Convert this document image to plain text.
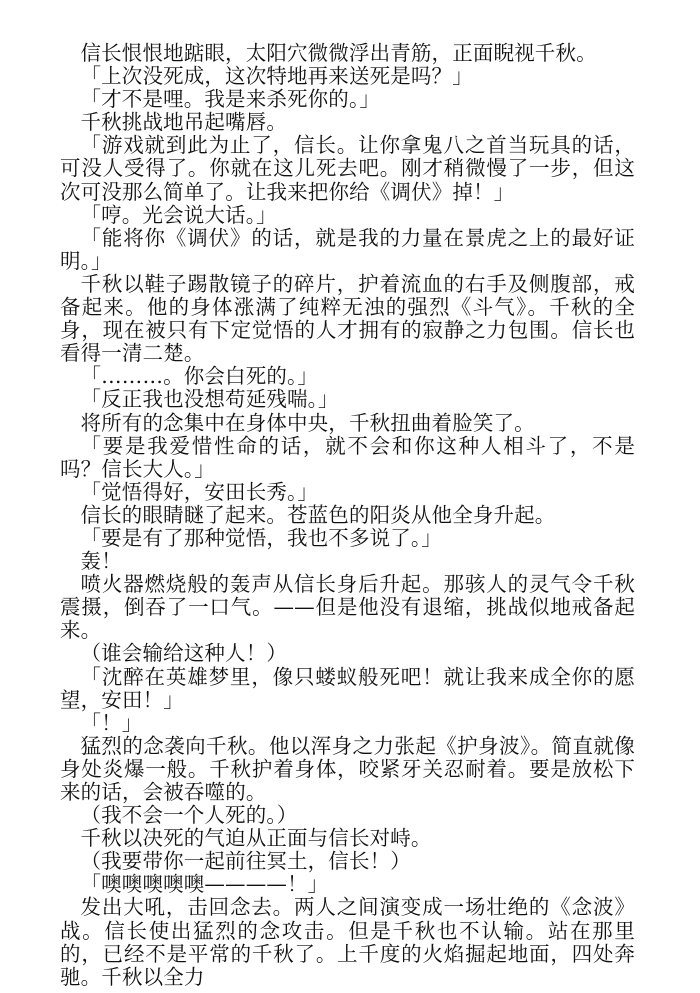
信长恨恨地踮眼，太阳穴微微浮出青筋，正面睨视千秋。

「上次没死成，这次特地再来送死是吗？」

「才不是哩。我是来杀死你的。」

千秋挑战地吊起嘴唇。

「游戏就到此为止了，信长。让你拿鬼八之首当玩具的话，可没人受得了。你就在这儿死去吧。刚才稍微慢了一步，但这次可没那么简单了。让我来把你给《调伏》掉！」

「哼。光会说大话。」

「能将你《调伏》的话，就是我的力量在景虎之上的最好证明。」

千秋以鞋子踢散镜子的碎片，护着流血的右手及侧腹部，戒备起来。他的身体涨满了纯粹无浊的强烈《斗气》。千秋的全身，现在被只有下定觉悟的人才拥有的寂静之力包围。信长也看得一清二楚。

「………。你会白死的。」

「反正我也没想苟延残喘。」

将所有的念集中在身体中央，千秋扭曲着脸笑了。

「要是我爱惜性命的话，就不会和你这种人相斗了，不是吗？信长大人。」

「觉悟得好，安田长秀。」

信长的眼睛瞇了起来。苍蓝色的阳炎从他全身升起。

「要是有了那种觉悟，我也不多说了。」

轰！

喷火器燃烧般的轰声从信长身后升起。那骇人的灵气令千秋震摄，倒吞了一口气。——但是他没有退缩，挑战似地戒备起来。

（谁会输给这种人！）

「沈醉在英雄梦里，像只蝼蚁般死吧！就让我来成全你的愿望，安田！」

「！」

猛烈的念袭向千秋。他以浑身之力张起《护身波》。简直就像身处炎爆一般。千秋护着身体，咬紧牙关忍耐着。要是放松下来的话，会被吞噬的。

（我不会一个人死的。）

千秋以决死的气迫从正面与信长对峙。

（我要带你一起前往冥土，信长！）

「噢噢噢噢噢————！」

发出大吼，击回念去。两人之间演变成一场壮绝的《念波》战。信长使出猛烈的念攻击。但是千秋也不认输。站在那里的，已经不是平常的千秋了。上千度的火焰掘起地面，四处奔驰。千秋以全力
